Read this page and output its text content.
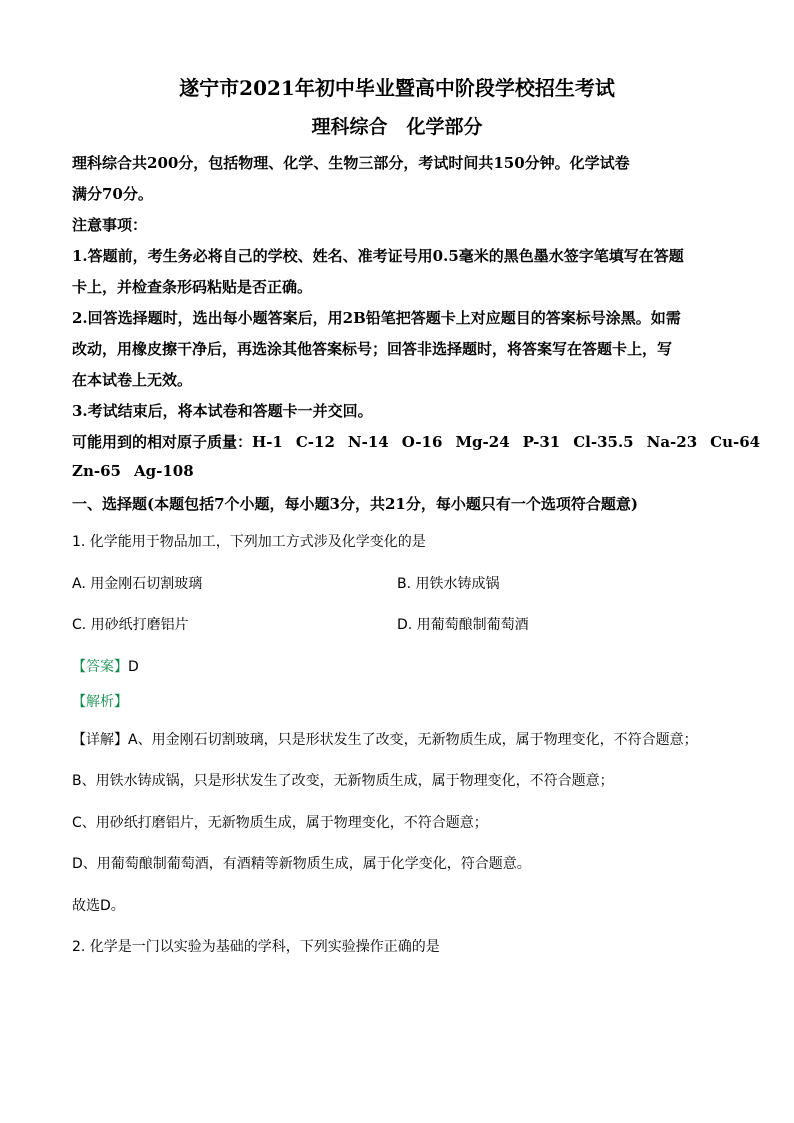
遂宁市2021年初中毕业暨高中阶段学校招生考试
理科综合　化学部分
理科综合共200分，包括物理、化学、生物三部分，考试时间共150分钟。化学试卷
满分70分。
注意事项：
1.答题前，考生务必将自己的学校、姓名、准考证号用0.5毫米的黑色墨水签字笔填写在答题
卡上，并检查条形码粘贴是否正确。
2.回答选择题时，选出每小题答案后，用2B铅笔把答题卡上对应题目的答案标号涂黑。如需
改动，用橡皮擦干净后，再选涂其他答案标号；回答非选择题时，将答案写在答题卡上，写
在本试卷上无效。
3.考试结束后，将本试卷和答题卡一并交回。
可能用到的相对原子质量：H-1 C-12 N-14 O-16 Mg-24 P-31 Cl-35.5 Na-23 Cu-64
Zn-65 Ag-108
一、选择题(本题包括7个小题，每小题3分，共21分，每小题只有一个选项符合题意)
1. 化学能用于物品加工，下列加工方式涉及化学变化的是
A. 用金刚石切割玻璃	B. 用铁水铸成锅
C. 用砂纸打磨铝片	D. 用葡萄酿制葡萄酒
【答案】D
【解析】
【详解】A、用金刚石切割玻璃，只是形状发生了改变，无新物质生成，属于物理变化，不符合题意；
B、用铁水铸成锅，只是形状发生了改变，无新物质生成，属于物理变化，不符合题意；
C、用砂纸打磨铝片，无新物质生成，属于物理变化，不符合题意；
D、用葡萄酿制葡萄酒，有酒精等新物质生成，属于化学变化，符合题意。
故选D。
2. 化学是一门以实验为基础的学科，下列实验操作正确的是
